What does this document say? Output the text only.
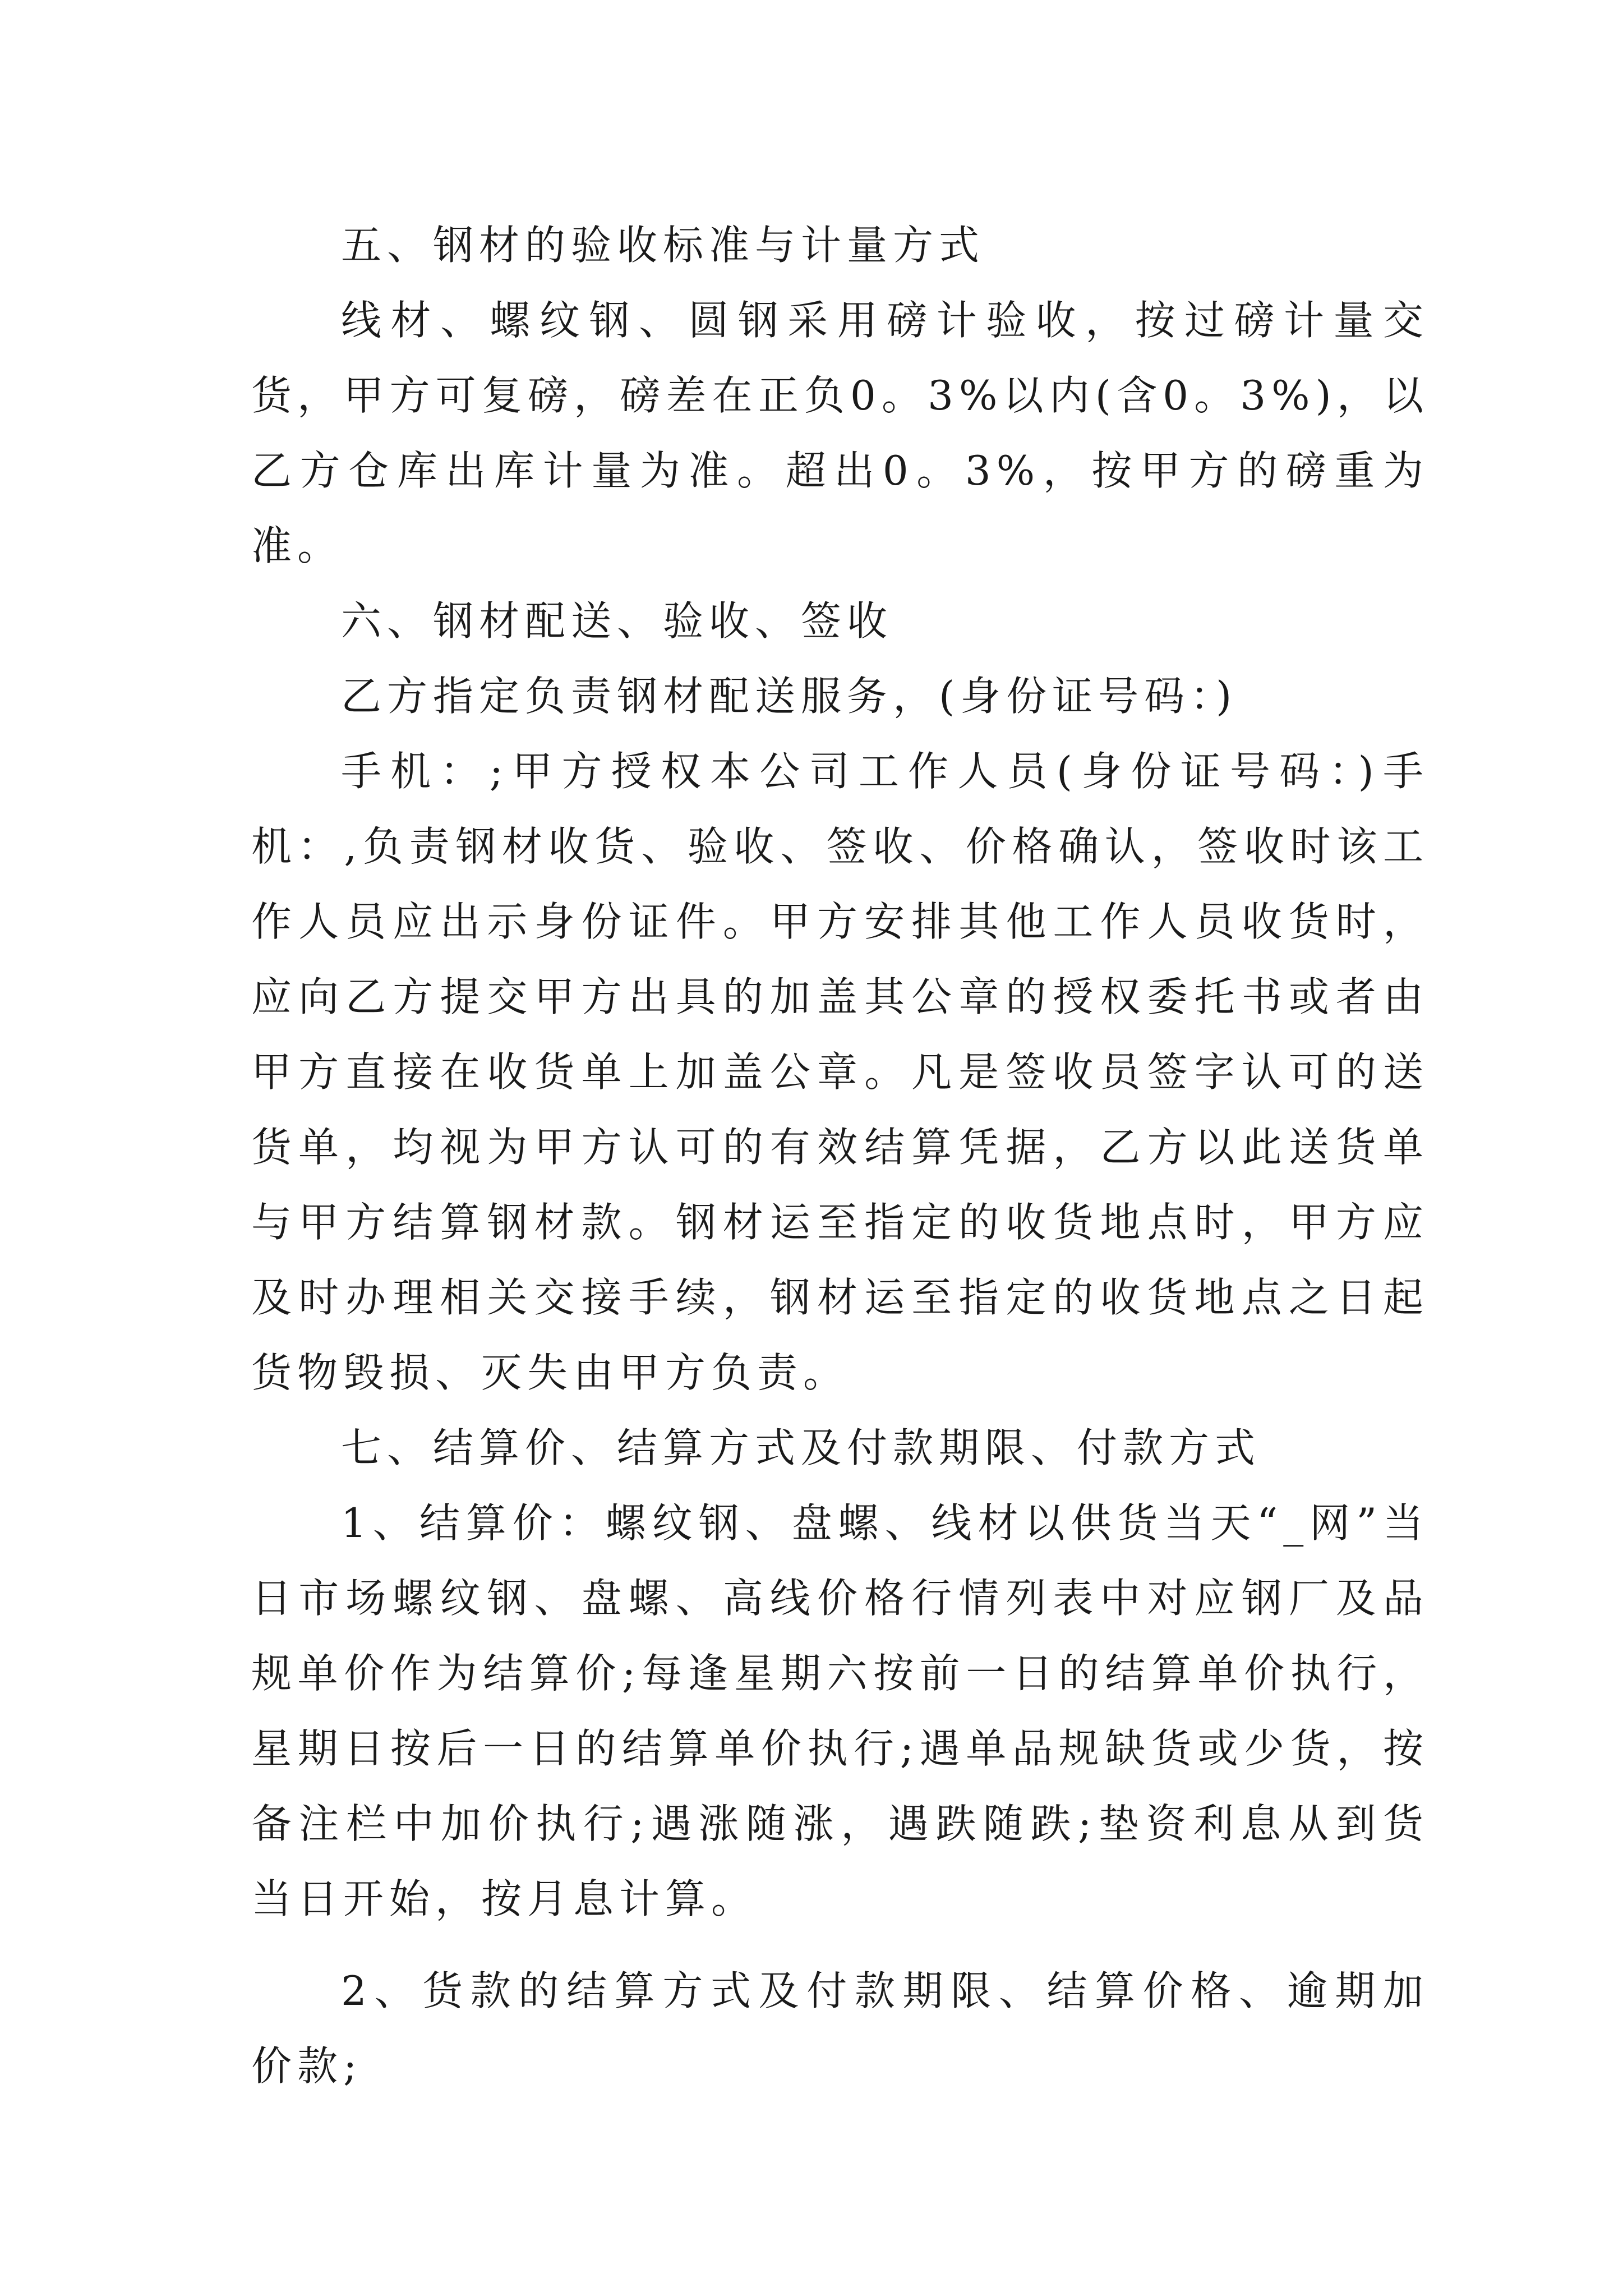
五、钢材的验收标准与计量方式

线材、螺纹钢、圆钢采用磅计验收，按过磅计量交货，甲方可复磅，磅差在正负0。3%以内(含0。3%)，以乙方仓库出库计量为准。超出0。3%，按甲方的磅重为准。

六、钢材配送、验收、签收

乙方指定负责钢材配送服务，(身份证号码：)

手机：;甲方授权本公司工作人员(身份证号码：)手机：,负责钢材收货、验收、签收、价格确认，签收时该工作人员应出示身份证件。甲方安排其他工作人员收货时，应向乙方提交甲方出具的加盖其公章的授权委托书或者由甲方直接在收货单上加盖公章。凡是签收员签字认可的送货单，均视为甲方认可的有效结算凭据，乙方以此送货单与甲方结算钢材款。钢材运至指定的收货地点时，甲方应及时办理相关交接手续，钢材运至指定的收货地点之日起货物毁损、灭失由甲方负责。

七、结算价、结算方式及付款期限、付款方式

1、结算价：螺纹钢、盘螺、线材以供货当天“_网”当日市场螺纹钢、盘螺、高线价格行情列表中对应钢厂及品规单价作为结算价;每逢星期六按前一日的结算单价执行，星期日按后一日的结算单价执行;遇单品规缺货或少货，按备注栏中加价执行;遇涨随涨，遇跌随跌;垫资利息从到货当日开始，按月息计算。

2、货款的结算方式及付款期限、结算价格、逾期加价款;
